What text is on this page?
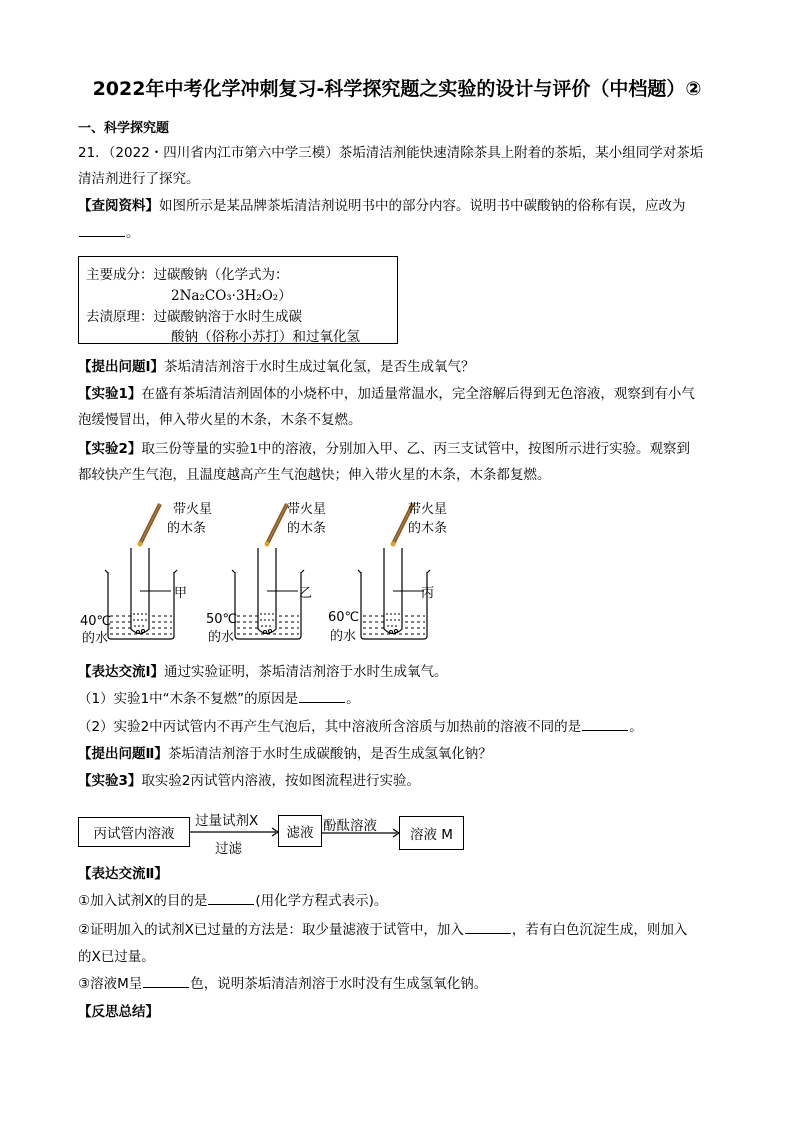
2022年中考化学冲刺复习-科学探究题之实验的设计与评价（中档题）②
一、科学探究题
21．（2022・四川省内江市第六中学三模）茶垢清洁剂能快速清除茶具上附着的茶垢，某小组同学对茶垢
清洁剂进行了探究。
【查阅资料】如图所示是某品牌茶垢清洁剂说明书中的部分内容。说明书中碳酸钠的俗称有误，应改为
。
主要成分：过碳酸钠（化学式为：
2Na₂CO₃·3H₂O₂）
去渍原理：过碳酸钠溶于水时生成碳
酸钠（俗称小苏打）和过氧化氢
【提出问题Ⅰ】茶垢清洁剂溶于水时生成过氧化氢，是否生成氧气？
【实验1】在盛有茶垢清洁剂固体的小烧杯中，加适量常温水，完全溶解后得到无色溶液，观察到有小气
泡缓慢冒出，伸入带火星的木条，木条不复燃。
【实验2】取三份等量的实验1中的溶液，分别加入甲、乙、丙三支试管中，按图所示进行实验。观察到
都较快产生气泡，且温度越高产生气泡越快；伸入带火星的木条，木条都复燃。
带火星
的木条
甲
40℃
的水
带火星
的木条
乙
50℃
的水
带火星
的木条
丙
60℃
的水
【表达交流Ⅰ】通过实验证明，茶垢清洁剂溶于水时生成氧气。
（1）实验1中“木条不复燃”的原因是	。
（2）实验2中丙试管内不再产生气泡后，其中溶液所含溶质与加热前的溶液不同的是	。
【提出问题Ⅱ】茶垢清洁剂溶于水时生成碳酸钠，是否生成氢氧化钠？
【实验3】取实验2丙试管内溶液，按如图流程进行实验。
丙试管内溶液
过量试剂X
过滤
滤液 酚酞溶液
溶液 M
【表达交流Ⅱ】
①加入试剂X的目的是	(用化学方程式表示)。
②证明加入的试剂X已过量的方法是：取少量滤液于试管中，加入	，若有白色沉淀生成，则加入
的X已过量。
③溶液M呈	色，说明茶垢清洁剂溶于水时没有生成氢氧化钠。
【反思总结】
